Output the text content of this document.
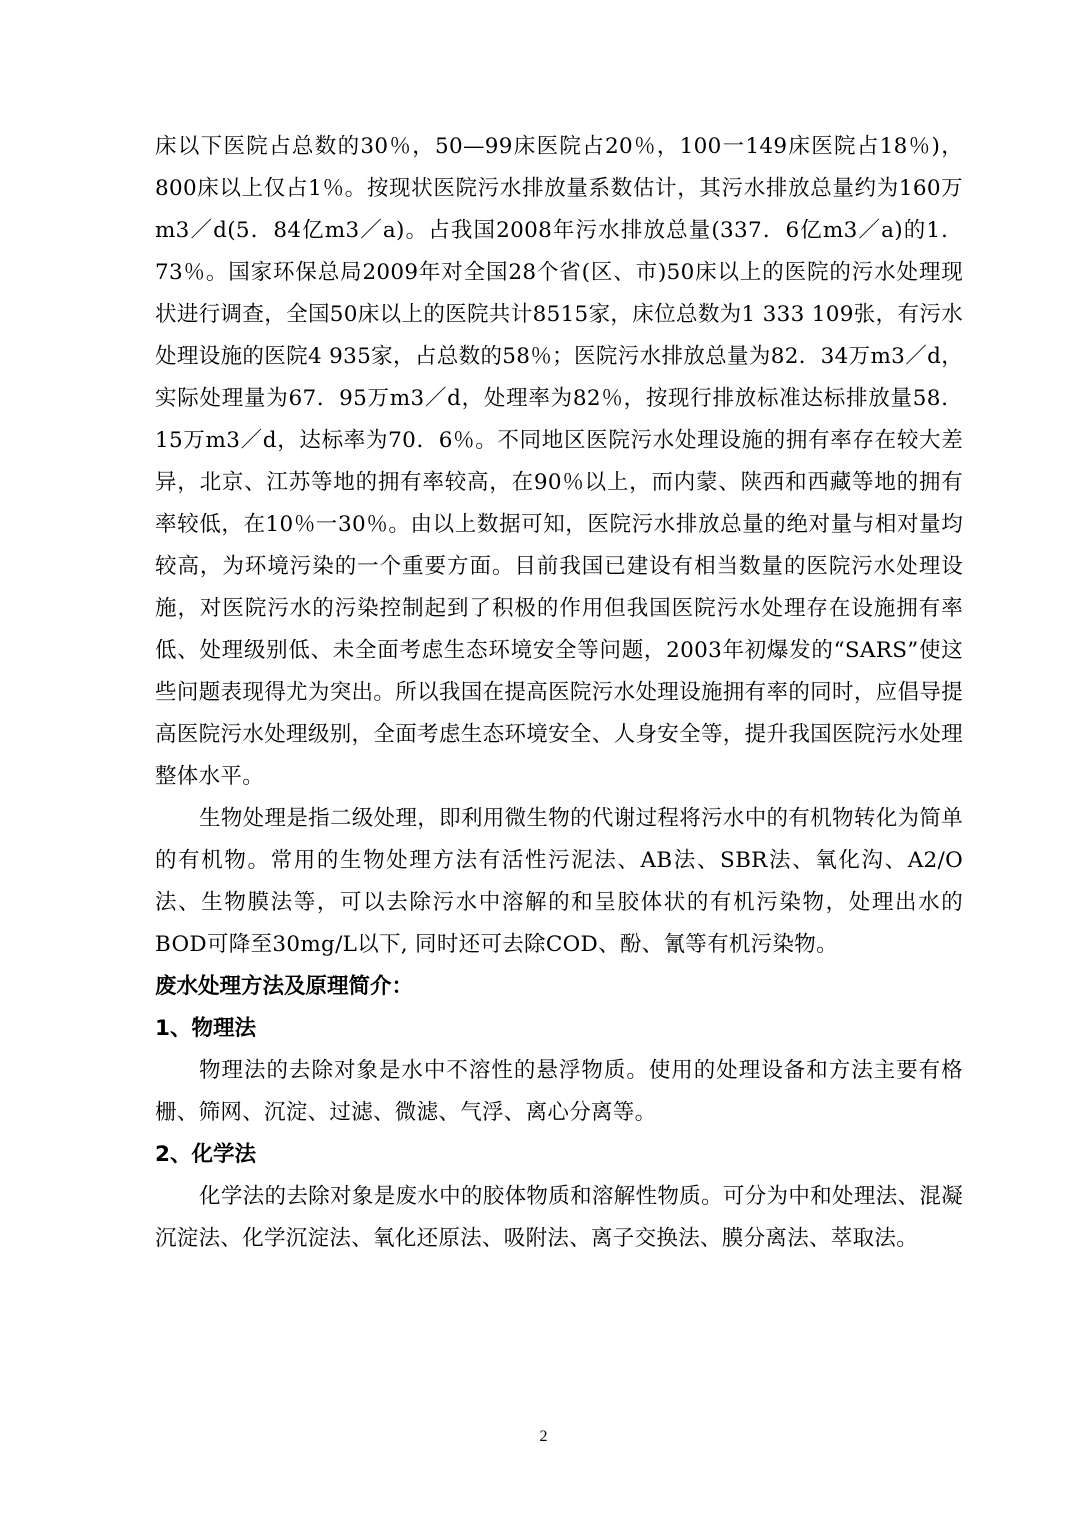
床以下医院占总数的30％，50—99床医院占20％，100一149床医院占18％)，800床以上仅占1％。按现状医院污水排放量系数估计，其污水排放总量约为160万m3／d(5．84亿m3／a)。占我国2008年污水排放总量(337．6亿m3／a)的1．73％。国家环保总局2009年对全国28个省(区、市)50床以上的医院的污水处理现状进行调查，全国50床以上的医院共计8515家，床位总数为1 333 109张，有污水处理设施的医院4 935家，占总数的58％；医院污水排放总量为82．34万m3／d，实际处理量为67．95万m3／d，处理率为82％，按现行排放标准达标排放量58．15万m3／d，达标率为70．6％。不同地区医院污水处理设施的拥有率存在较大差异，北京、江苏等地的拥有率较高，在90％以上，而内蒙、陕西和西藏等地的拥有率较低，在10％一30％。由以上数据可知，医院污水排放总量的绝对量与相对量均较高，为环境污染的一个重要方面。目前我国已建设有相当数量的医院污水处理设施，对医院污水的污染控制起到了积极的作用但我国医院污水处理存在设施拥有率低、处理级别低、未全面考虑生态环境安全等问题，2003年初爆发的“SARS”使这些问题表现得尤为突出。所以我国在提高医院污水处理设施拥有率的同时，应倡导提高医院污水处理级别，全面考虑生态环境安全、人身安全等，提升我国医院污水处理整体水平。

生物处理是指二级处理，即利用微生物的代谢过程将污水中的有机物转化为简单的有机物。常用的生物处理方法有活性污泥法、AB法、SBR法、氧化沟、A2/O法、生物膜法等，可以去除污水中溶解的和呈胶体状的有机污染物，处理出水的BOD可降至30mg/L以下, 同时还可去除COD、酚、氰等有机污染物。

废水处理方法及原理简介：

1、物理法

物理法的去除对象是水中不溶性的悬浮物质。使用的处理设备和方法主要有格栅、筛网、沉淀、过滤、微滤、气浮、离心分离等。

2、化学法

化学法的去除对象是废水中的胶体物质和溶解性物质。可分为中和处理法、混凝沉淀法、化学沉淀法、氧化还原法、吸附法、离子交换法、膜分离法、萃取法。

2
